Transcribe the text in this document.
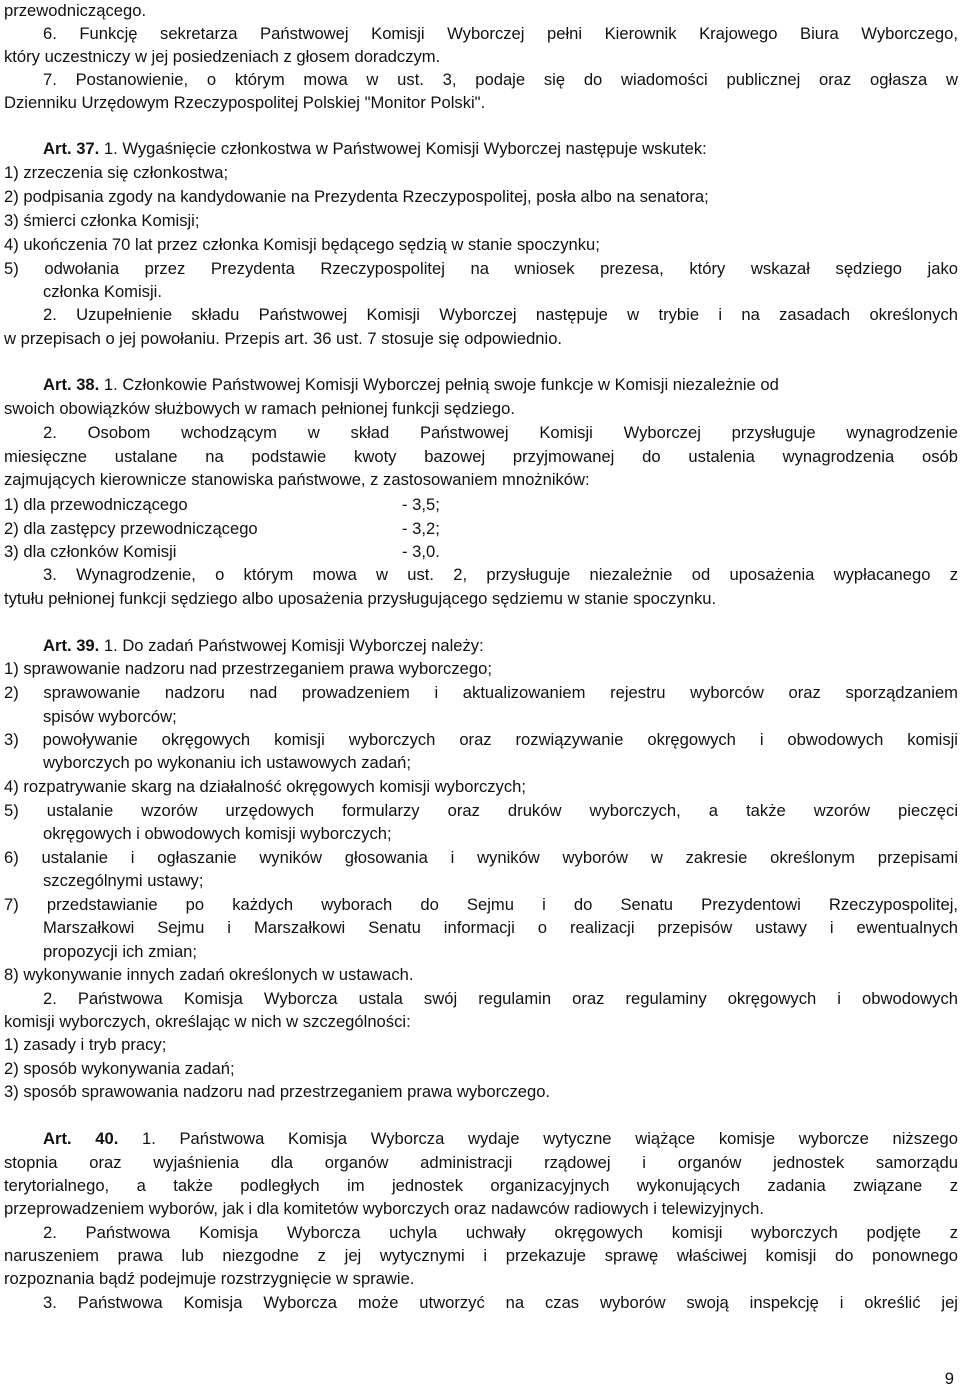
przewodniczącego.
6. Funkcję sekretarza Państwowej Komisji Wyborczej pełni Kierownik Krajowego Biura Wyborczego,
który uczestniczy w jej posiedzeniach z głosem doradczym.
7. Postanowienie, o którym mowa w ust. 3, podaje się do wiadomości publicznej oraz ogłasza w
Dzienniku Urzędowym Rzeczypospolitej Polskiej "Monitor Polski".
Art. 37. 1. Wygaśnięcie członkostwa w Państwowej Komisji Wyborczej następuje wskutek:
1) zrzeczenia się członkostwa;
2) podpisania zgody na kandydowanie na Prezydenta Rzeczypospolitej, posła albo na senatora;
3) śmierci członka Komisji;
4) ukończenia 70 lat przez członka Komisji będącego sędzią w stanie spoczynku;
5) odwołania przez Prezydenta Rzeczypospolitej na wniosek prezesa, który wskazał sędziego jako
członka Komisji.
2. Uzupełnienie składu Państwowej Komisji Wyborczej następuje w trybie i na zasadach określonych
w przepisach o jej powołaniu. Przepis art. 36 ust. 7 stosuje się odpowiednio.
Art. 38. 1. Członkowie Państwowej Komisji Wyborczej pełnią swoje funkcje w Komisji niezależnie od
swoich obowiązków służbowych w ramach pełnionej funkcji sędziego.
2. Osobom wchodzącym w skład Państwowej Komisji Wyborczej przysługuje wynagrodzenie
miesięczne ustalane na podstawie kwoty bazowej przyjmowanej do ustalenia wynagrodzenia osób
zajmujących kierownicze stanowiska państwowe, z zastosowaniem mnożników:
1) dla przewodniczącego	- 3,5;
2) dla zastępcy przewodniczącego	- 3,2;
3) dla członków Komisji	- 3,0.
3. Wynagrodzenie, o którym mowa w ust. 2, przysługuje niezależnie od uposażenia wypłacanego z
tytułu pełnionej funkcji sędziego albo uposażenia przysługującego sędziemu w stanie spoczynku.
Art. 39. 1. Do zadań Państwowej Komisji Wyborczej należy:
1) sprawowanie nadzoru nad przestrzeganiem prawa wyborczego;
2) sprawowanie nadzoru nad prowadzeniem i aktualizowaniem rejestru wyborców oraz sporządzaniem
spisów wyborców;
3) powoływanie okręgowych komisji wyborczych oraz rozwiązywanie okręgowych i obwodowych komisji
wyborczych po wykonaniu ich ustawowych zadań;
4) rozpatrywanie skarg na działalność okręgowych komisji wyborczych;
5) ustalanie wzorów urzędowych formularzy oraz druków wyborczych, a także wzorów pieczęci
okręgowych i obwodowych komisji wyborczych;
6) ustalanie i ogłaszanie wyników głosowania i wyników wyborów w zakresie określonym przepisami
szczególnymi ustawy;
7) przedstawianie po każdych wyborach do Sejmu i do Senatu Prezydentowi Rzeczypospolitej,
Marszałkowi Sejmu i Marszałkowi Senatu informacji o realizacji przepisów ustawy i ewentualnych
propozycji ich zmian;
8) wykonywanie innych zadań określonych w ustawach.
2. Państwowa Komisja Wyborcza ustala swój regulamin oraz regulaminy okręgowych i obwodowych
komisji wyborczych, określając w nich w szczególności:
1) zasady i tryb pracy;
2) sposób wykonywania zadań;
3) sposób sprawowania nadzoru nad przestrzeganiem prawa wyborczego.
Art. 40. 1. Państwowa Komisja Wyborcza wydaje wytyczne wiążące komisje wyborcze niższego
stopnia oraz wyjaśnienia dla organów administracji rządowej i organów jednostek samorządu
terytorialnego, a także podległych im jednostek organizacyjnych wykonujących zadania związane z
przeprowadzeniem wyborów, jak i dla komitetów wyborczych oraz nadawców radiowych i telewizyjnych.
2. Państwowa Komisja Wyborcza uchyla uchwały okręgowych komisji wyborczych podjęte z
naruszeniem prawa lub niezgodne z jej wytycznymi i przekazuje sprawę właściwej komisji do ponownego
rozpoznania bądź podejmuje rozstrzygnięcie w sprawie.
3. Państwowa Komisja Wyborcza może utworzyć na czas wyborów swoją inspekcję i określić jej
9
